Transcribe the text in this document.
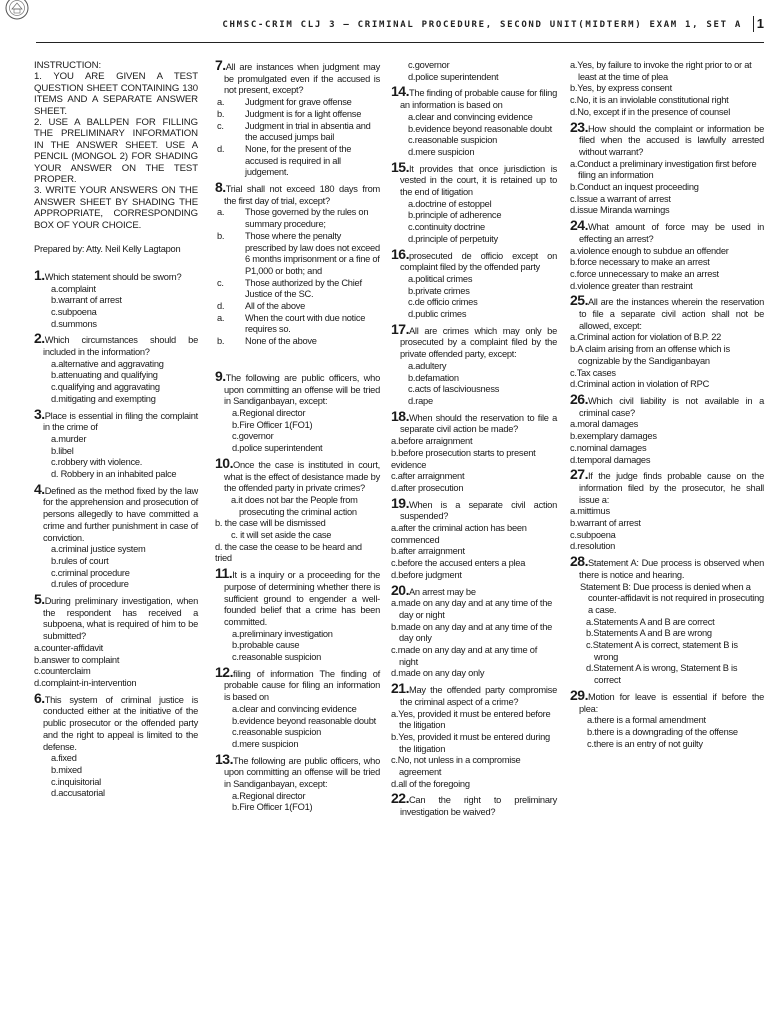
CHMSC-CRIM CLJ 3 – CRIMINAL PROCEDURE, SECOND UNIT(MIDTERM) EXAM 1, SET A	1

INSTRUCTION:

1. YOU ARE GIVEN A TEST QUESTION SHEET CONTAINING 130 ITEMS AND A SEPARATE ANSWER SHEET.

2. USE A BALLPEN FOR FILLING THE PRELIMINARY INFORMATION IN THE ANSWER SHEET. USE A PENCIL (MONGOL 2) FOR SHADING YOUR ANSWER ON THE TEST PROPER.

3. WRITE YOUR ANSWERS ON THE ANSWER SHEET BY SHADING THE APPROPRIATE, CORRESPONDING BOX OF YOUR CHOICE.

Prepared by: Atty. Neil Kelly Lagtapon
1.Which statement should be sworn?
a.complaint
b.warrant of arrest
c.subpoena
d.summons
2.Which circumstances should be included in the information?
a.alternative and aggravating
b.attenuating and qualifying
c.qualifying and aggravating
d.mitigating and exempting
3.Place is essential in filing the complaint in the crime of
a.murder
b.libel
c.robbery with violence.
d. Robbery in an inhabited palce
4.Defined as the method fixed by the law for the apprehension and prosecution of persons allegedly to have committed a crime and further punishment in case of conviction.
a.criminal justice system
b.rules of court
c.criminal procedure
d.rules of procedure
5.During preliminary investigation, when the respondent has received a subpoena, what is required of him to be submitted?
a.counter-affidavit
b.answer to complaint
c.counterclaim
d.complaint-in-intervention
6.This system of criminal justice is conducted either at the initiative of the public prosecutor or the offended party and the right to appeal is limited to the defense.
a.fixed
b.mixed
c.inquisitorial
d.accusatorial
7.All are instances when judgment may be promulgated even if the accused is not present, except?
a. Judgment for grave offense
b. Judgment is for a light offense
c. Judgment in trial in absentia and the accused jumps bail
d. None, for the present of the accused is required in all judgement.
8.Trial shall not exceed 180 days from the first day of trial, except?
a. Those governed by the rules on summary procedure;
b. Those where the penalty prescribed by law does not exceed 6 months imprisonment or a fine of P1,000 or both; and
c. Those authorized by the Chief Justice of the SC.
d. All of the above
a. When the court with due notice requires so.
b. None of the above
9.The following are public officers, who upon committing an offense will be tried in Sandiganbayan, except:
a.Regional director
b.Fire Officer 1(FO1)
c.governor
d.police superintendent
10.Once the case is instituted in court, what is the effect of desistance made by the offended party in private crimes?
a.it does not bar the People from prosecuting the criminal action
b. the case will be dismissed
c. it will set aside the case
d. the case the cease to be heard and tried
11.It is a inquiry or a proceeding for the purpose of determining whether there is sufficient ground to engender a well-founded belief that a crime has been committed.
a.preliminary investigation
b.probable cause
c.reasonable suspicion
12.filing of information The finding of probable cause for filing an information is based on
a.clear and convincing evidence
b.evidence beyond reasonable doubt
c.reasonable suspicion
d.mere suspicion
13.The following are public officers, who upon committing an offense will be tried in Sandiganbayan, except:
a.Regional director
b.Fire Officer 1(FO1)
c.governor
d.police superintendent
14.The finding of probable cause for filing an information is based on
a.clear and convincing evidence
b.evidence beyond reasonable doubt
c.reasonable suspicion
d.mere suspicion
15.It provides that once jurisdiction is vested in the court, it is retained up to the end of litigation
a.doctrine of estoppel
b.principle of adherence
c.continuity doctrine
d.principle of perpetuity
16.prosecuted de officio except on complaint filed by the offended party
a.political crimes
b.private crimes
c.de officio crimes
d.public crimes
17.All are crimes which may only be prosecuted by a complaint filed by the private offended party, except:
a.adultery
b.defamation
c.acts of lasciviousness
d.rape
18.When should the reservation to file a separate civil action be made?
a.before arraignment
b.before prosecution starts to present evidence
c.after arraignment
d.after prosecution
19.When is a separate civil action suspended?
a.after the criminal action has been commenced
b.after arraignment
c.before the accused enters a plea
d.before judgment
20.An arrest may be
a.made on any day and at any time of the day or night
b.made on any day and at any time of the day only
c.made on any day and at any time of night
d.made on any day only
21.May the offended party compromise the criminal aspect of a crime?
a.Yes, provided it must be entered before the litigation
b.Yes, provided it must be entered during the litigation
c.No, not unless in a compromise agreement
d.all of the foregoing
22.Can the right to preliminary investigation be waived?
a.Yes, by failure to invoke the right prior to or at least at the time of plea
b.Yes, by express consent
c.No, it is an inviolable constitutional right
d.No, except if in the presence of counsel
23.How should the complaint or information be filed when the accused is lawfully arrested without warrant?
a.Conduct a preliminary investigation first before filing an information
b.Conduct an inquest proceeding
c.Issue a warrant of arrest
d.issue Miranda warnings
24.What amount of force may be used in effecting an arrest?
a.violence enough to subdue an offender
b.force necessary to make an arrest
c.force unnecessary to make an arrest
d.violence greater than restraint
25.All are the instances wherein the reservation to file a separate civil action shall not be allowed, except:
a.Criminal action for violation of B.P. 22
b.A claim arising from an offense which is cognizable by the Sandiganbayan
c.Tax cases
d.Criminal action in violation of RPC
26.Which civil liability is not available in a criminal case?
a.moral damages
b.exemplary damages
c.nominal damages
d.temporal damages
27.If the judge finds probable cause on the information filed by the prosecutor, he shall issue a:
a.mittimus
b.warrant of arrest
c.subpoena
d.resolution
28.Statement A: Due process is observed when there is notice and hearing.
Statement B: Due process is denied when a counter-affidavit is not required in prosecuting a case.
a.Statements A and B are correct
b.Statements A and B are wrong
c.Statement A is correct, statement B is wrong
d.Statement A is wrong, Statement B is correct
29.Motion for leave is essential if before the plea:
a.there is a formal amendment
b.there is a downgrading of the offense
c.there is an entry of not guilty
